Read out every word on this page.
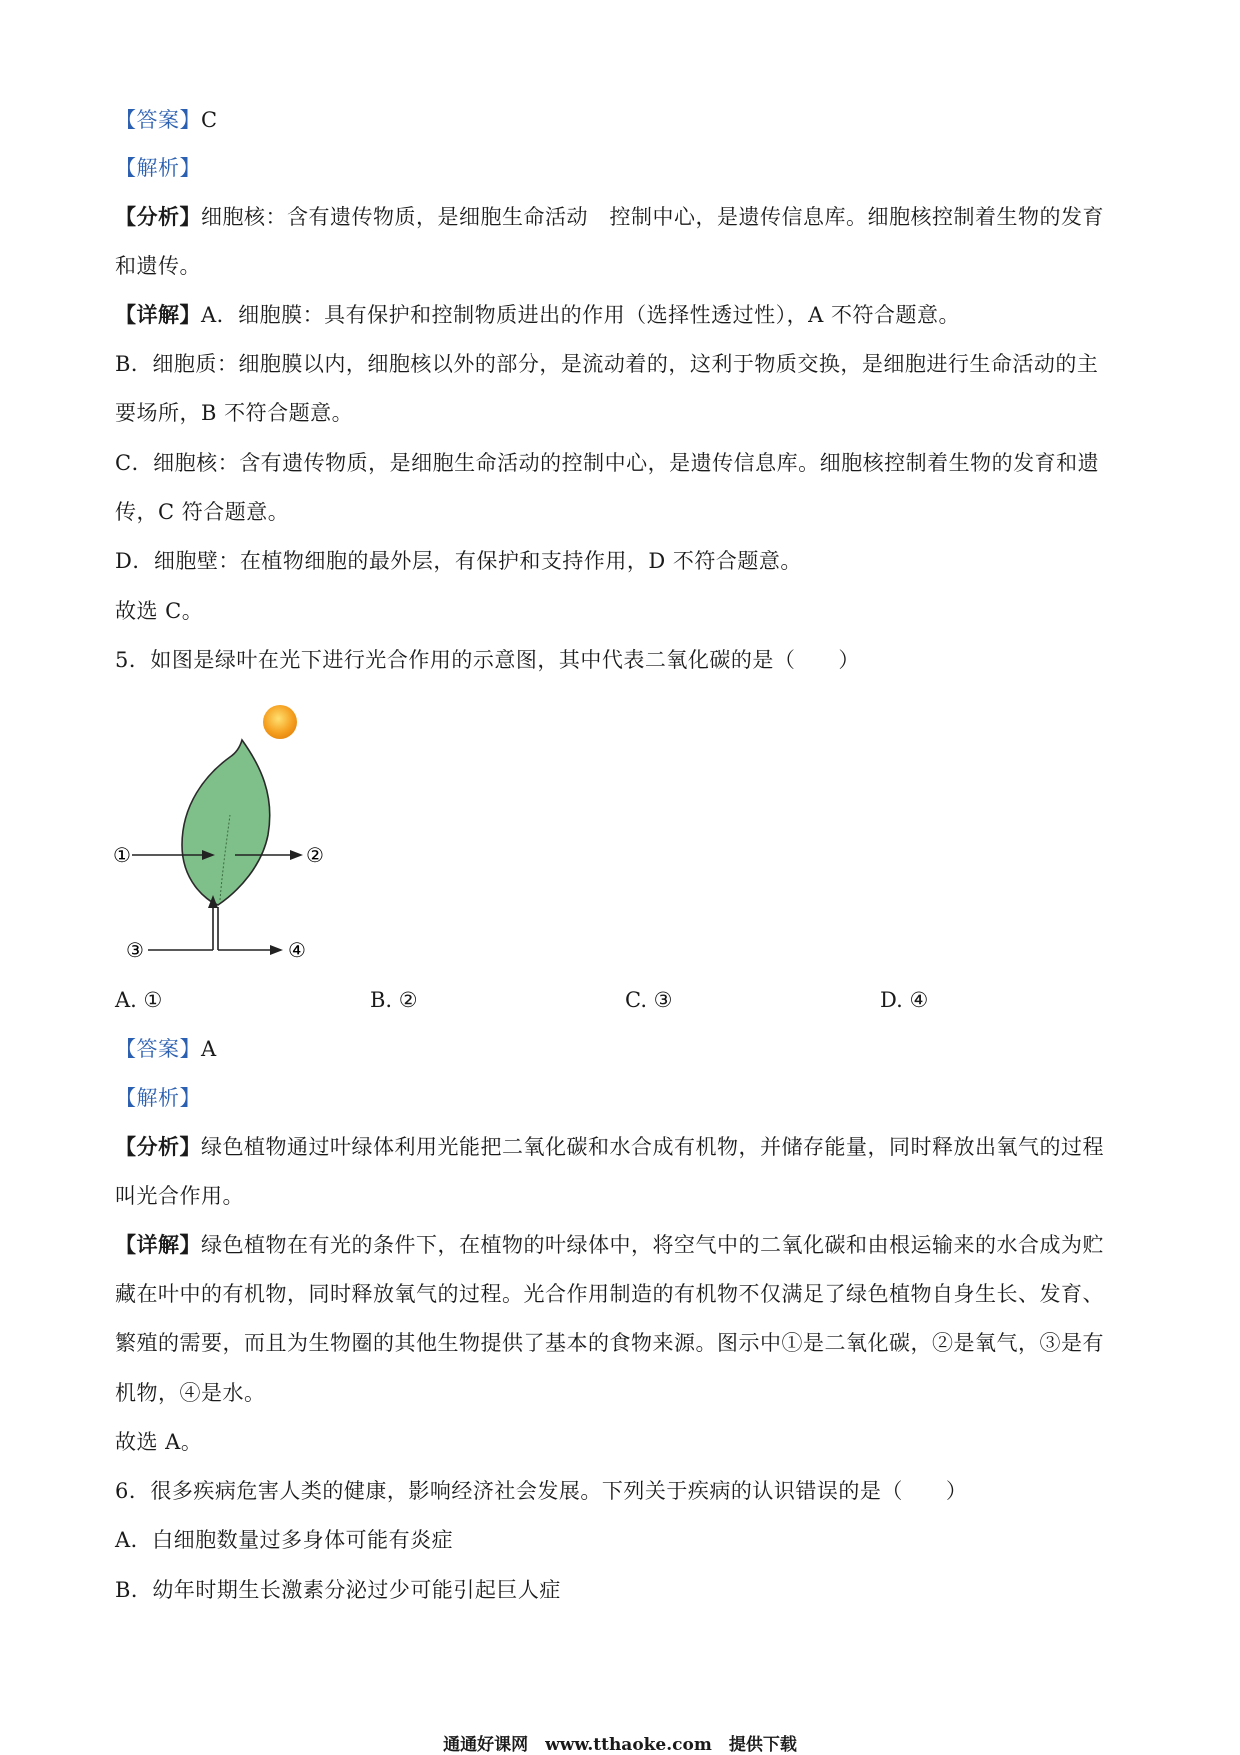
【答案】C
【解析】
【分析】细胞核：含有遗传物质，是细胞生命活动　控制中心，是遗传信息库。细胞核控制着生物的发育
和遗传。
【详解】A．细胞膜：具有保护和控制物质进出的作用（选择性透过性），A 不符合题意。
B．细胞质：细胞膜以内，细胞核以外的部分，是流动着的，这利于物质交换，是细胞进行生命活动的主
要场所，B 不符合题意。
C．细胞核：含有遗传物质，是细胞生命活动的控制中心，是遗传信息库。细胞核控制着生物的发育和遗
传，C 符合题意。
D．细胞壁：在植物细胞的最外层，有保护和支持作用，D 不符合题意。
故选 C。
5．如图是绿叶在光下进行光合作用的示意图，其中代表二氧化碳的是（　　）
①	②
③	④
A. ①	B. ②	C. ③	D. ④
【答案】A
【解析】
【分析】绿色植物通过叶绿体利用光能把二氧化碳和水合成有机物，并储存能量，同时释放出氧气的过程
叫光合作用。
【详解】绿色植物在有光的条件下，在植物的叶绿体中，将空气中的二氧化碳和由根运输来的水合成为贮
藏在叶中的有机物，同时释放氧气的过程。光合作用制造的有机物不仅满足了绿色植物自身生长、发育、
繁殖的需要，而且为生物圈的其他生物提供了基本的食物来源。图示中①是二氧化碳，②是氧气，③是有
机物，④是水。
故选 A。
6．很多疾病危害人类的健康，影响经济社会发展。下列关于疾病的认识错误的是（　　）
A．白细胞数量过多身体可能有炎症
B．幼年时期生长激素分泌过少可能引起巨人症
通通好课网　www.tthaoke.com　提供下载
